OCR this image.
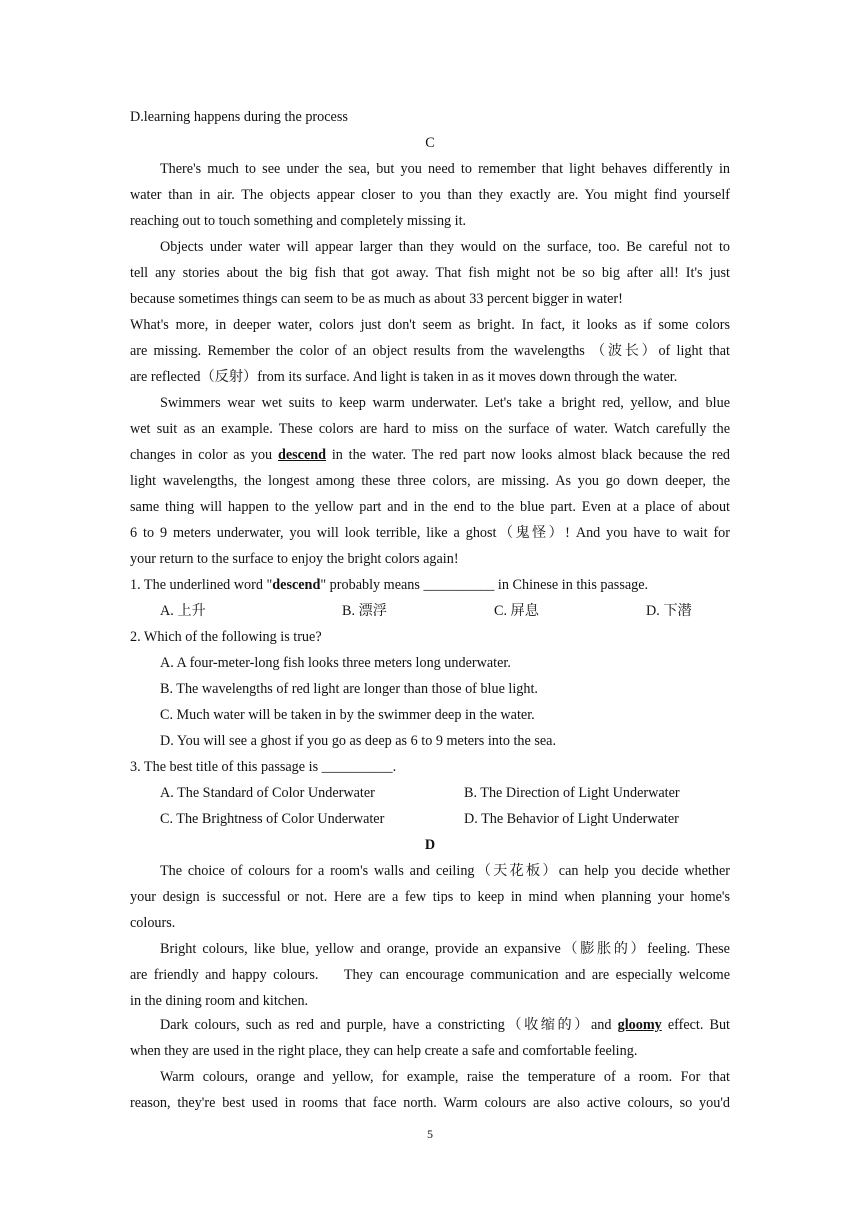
D.learning happens during the process
C
There's much to see under the sea, but you need to remember that light behaves differently in
water than in air. The objects appear closer to you than they exactly are. You might find yourself
reaching out to touch something and completely missing it.
Objects under water will appear larger than they would on the surface, too. Be careful not to
tell any stories about the big fish that got away. That fish might not be so big after all! It's just
because sometimes things can seem to be as much as about 33 percent bigger in water!
What's more, in deeper water, colors just don't seem as bright. In fact, it looks as if some colors
are missing. Remember the color of an object results from the wavelengths （波长）of light that
are reflected（反射）from its surface. And light is taken in as it moves down through the water.
Swimmers wear wet suits to keep warm underwater. Let's take a bright red, yellow, and blue
wet suit as an example. These colors are hard to miss on the surface of water. Watch carefully the
changes in color as you descend in the water. The red part now looks almost black because the red
light wavelengths, the longest among these three colors, are missing. As you go down deeper, the
same thing will happen to the yellow part and in the end to the blue part. Even at a place of about
6 to 9 meters underwater, you will look terrible, like a ghost（鬼怪）! And you have to wait for
your return to the surface to enjoy the bright colors again!
1. The underlined word "descend" probably means __________ in Chinese in this passage.
A. 上升	B. 漂浮	C. 屏息	D. 下潜
2. Which of the following is true?
A. A four-meter-long fish looks three meters long underwater.
B. The wavelengths of red light are longer than those of blue light.
C. Much water will be taken in by the swimmer deep in the water.
D. You will see a ghost if you go as deep as 6 to 9 meters into the sea.
3. The best title of this passage is __________.
A. The Standard of Color Underwater	B. The Direction of Light Underwater
C. The Brightness of Color Underwater	D. The Behavior of Light Underwater
D
The choice of colours for a room's walls and ceiling（天花板）can help you decide whether
your design is successful or not. Here are a few tips to keep in mind when planning your home's
colours.
Bright colours, like blue, yellow and orange, provide an expansive（膨胀的）feeling. These
are friendly and happy colours.    They can encourage communication and are especially welcome
in the dining room and kitchen.
Dark colours, such as red and purple, have a constricting（收缩的）and gloomy effect. But
when they are used in the right place, they can help create a safe and comfortable feeling.
Warm colours, orange and yellow, for example, raise the temperature of a room. For that
reason, they're best used in rooms that face north. Warm colours are also active colours, so you'd
5
